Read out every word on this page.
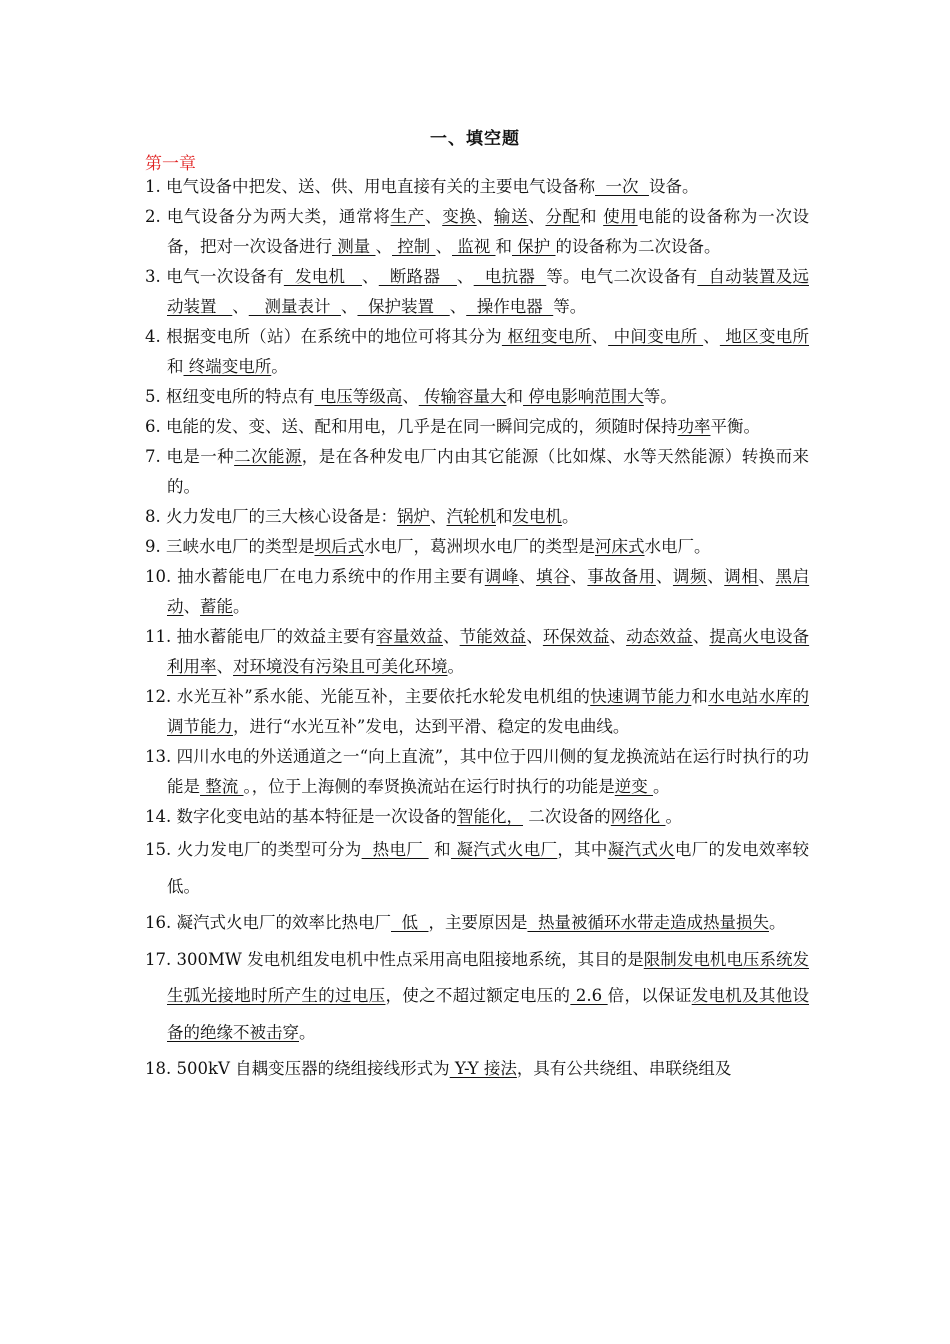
一、填空题
第一章
1. 电气设备中把发、送、供、用电直接有关的主要电气设备称  一次  设备。
2. 电气设备分为两大类，通常将生产、变换、输送、分配和 使用电能的设备称为一次设备，把对一次设备进行 测量 、 控制 、 监视 和 保护 的设备称为二次设备。
3. 电气一次设备有  发电机   、  断路器   、  电抗器  等。电气二次设备有  自动装置及远动装置   、   测量表计  、  保护装置   、  操作电器  等。
4. 根据变电所（站）在系统中的地位可将其分为 枢纽变电所、 中间变电所 、 地区变电所和 终端变电所。
5. 枢纽变电所的特点有 电压等级高、 传输容量大和 停电影响范围大等。
6. 电能的发、变、送、配和用电，几乎是在同一瞬间完成的，须随时保持功率平衡。
7. 电是一种二次能源，是在各种发电厂内由其它能源（比如煤、水等天然能源）转换而来的。
8. 火力发电厂的三大核心设备是：锅炉、汽轮机和发电机。
9. 三峡水电厂的类型是坝后式水电厂，葛洲坝水电厂的类型是河床式水电厂。
10. 抽水蓄能电厂在电力系统中的作用主要有调峰、填谷、事故备用、调频、调相、黑启动、蓄能。
11. 抽水蓄能电厂的效益主要有容量效益、节能效益、环保效益、动态效益、提高火电设备利用率、对环境没有污染且可美化环境。
12. 水光互补”系水能、光能互补，主要依托水轮发电机组的快速调节能力和水电站水库的调节能力，进行“水光互补”发电，达到平滑、稳定的发电曲线。
13. 四川水电的外送通道之一“向上直流”，其中位于四川侧的复龙换流站在运行时执行的功能是 整流 。，位于上海侧的奉贤换流站在运行时执行的功能是逆变 。
14. 数字化变电站的基本特征是一次设备的智能化， 二次设备的网络化 。
15. 火力发电厂的类型可分为  热电厂  和 凝汽式火电厂，其中凝汽式火电厂的发电效率较低。
16. 凝汽式火电厂的效率比热电厂  低  ，主要原因是  热量被循环水带走造成热量损失。
17. 300MW 发电机组发电机中性点采用高电阻接地系统，其目的是限制发电机电压系统发生弧光接地时所产生的过电压，使之不超过额定电压的 2.6 倍，以保证发电机及其他设备的绝缘不被击穿。
18. 500kV 自耦变压器的绕组接线形式为 Y-Y 接法，具有公共绕组、串联绕组及
